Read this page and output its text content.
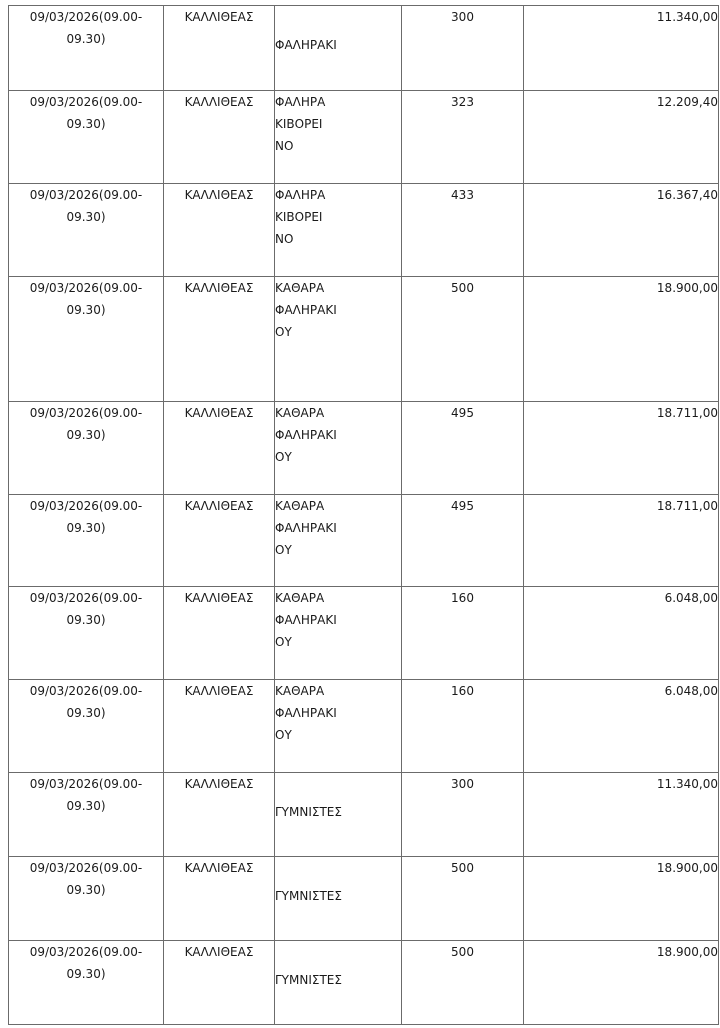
09/03/2026(09.00-
09.30)	ΚΑΛΛΙΘΕΑΣ	ΦΑΛΗΡΑΚΙ	300	11.340,00

09/03/2026(09.00-
09.30)	ΚΑΛΛΙΘΕΑΣ	ΦΑΛΗΡΑ
ΚΙΒΟΡΕΙ
ΝΟ	323	12.209,40

09/03/2026(09.00-
09.30)	ΚΑΛΛΙΘΕΑΣ	ΦΑΛΗΡΑ
ΚΙΒΟΡΕΙ
ΝΟ	433	16.367,40

09/03/2026(09.00-
09.30)	ΚΑΛΛΙΘΕΑΣ	ΚΑΘΑΡΑ
ΦΑΛΗΡΑΚΙ
ΟΥ	500	18.900,00

09/03/2026(09.00-
09.30)	ΚΑΛΛΙΘΕΑΣ	ΚΑΘΑΡΑ
ΦΑΛΗΡΑΚΙ
ΟΥ	495	18.711,00

09/03/2026(09.00-
09.30)	ΚΑΛΛΙΘΕΑΣ	ΚΑΘΑΡΑ
ΦΑΛΗΡΑΚΙ
ΟΥ	495	18.711,00

09/03/2026(09.00-
09.30)	ΚΑΛΛΙΘΕΑΣ	ΚΑΘΑΡΑ
ΦΑΛΗΡΑΚΙ
ΟΥ	160	6.048,00

09/03/2026(09.00-
09.30)	ΚΑΛΛΙΘΕΑΣ	ΚΑΘΑΡΑ
ΦΑΛΗΡΑΚΙ
ΟΥ	160	6.048,00

09/03/2026(09.00-
09.30)	ΚΑΛΛΙΘΕΑΣ	ΓΥΜΝΙΣΤΕΣ	300	11.340,00

09/03/2026(09.00-
09.30)	ΚΑΛΛΙΘΕΑΣ	ΓΥΜΝΙΣΤΕΣ	500	18.900,00

09/03/2026(09.00-
09.30)	ΚΑΛΛΙΘΕΑΣ	ΓΥΜΝΙΣΤΕΣ	500	18.900,00
